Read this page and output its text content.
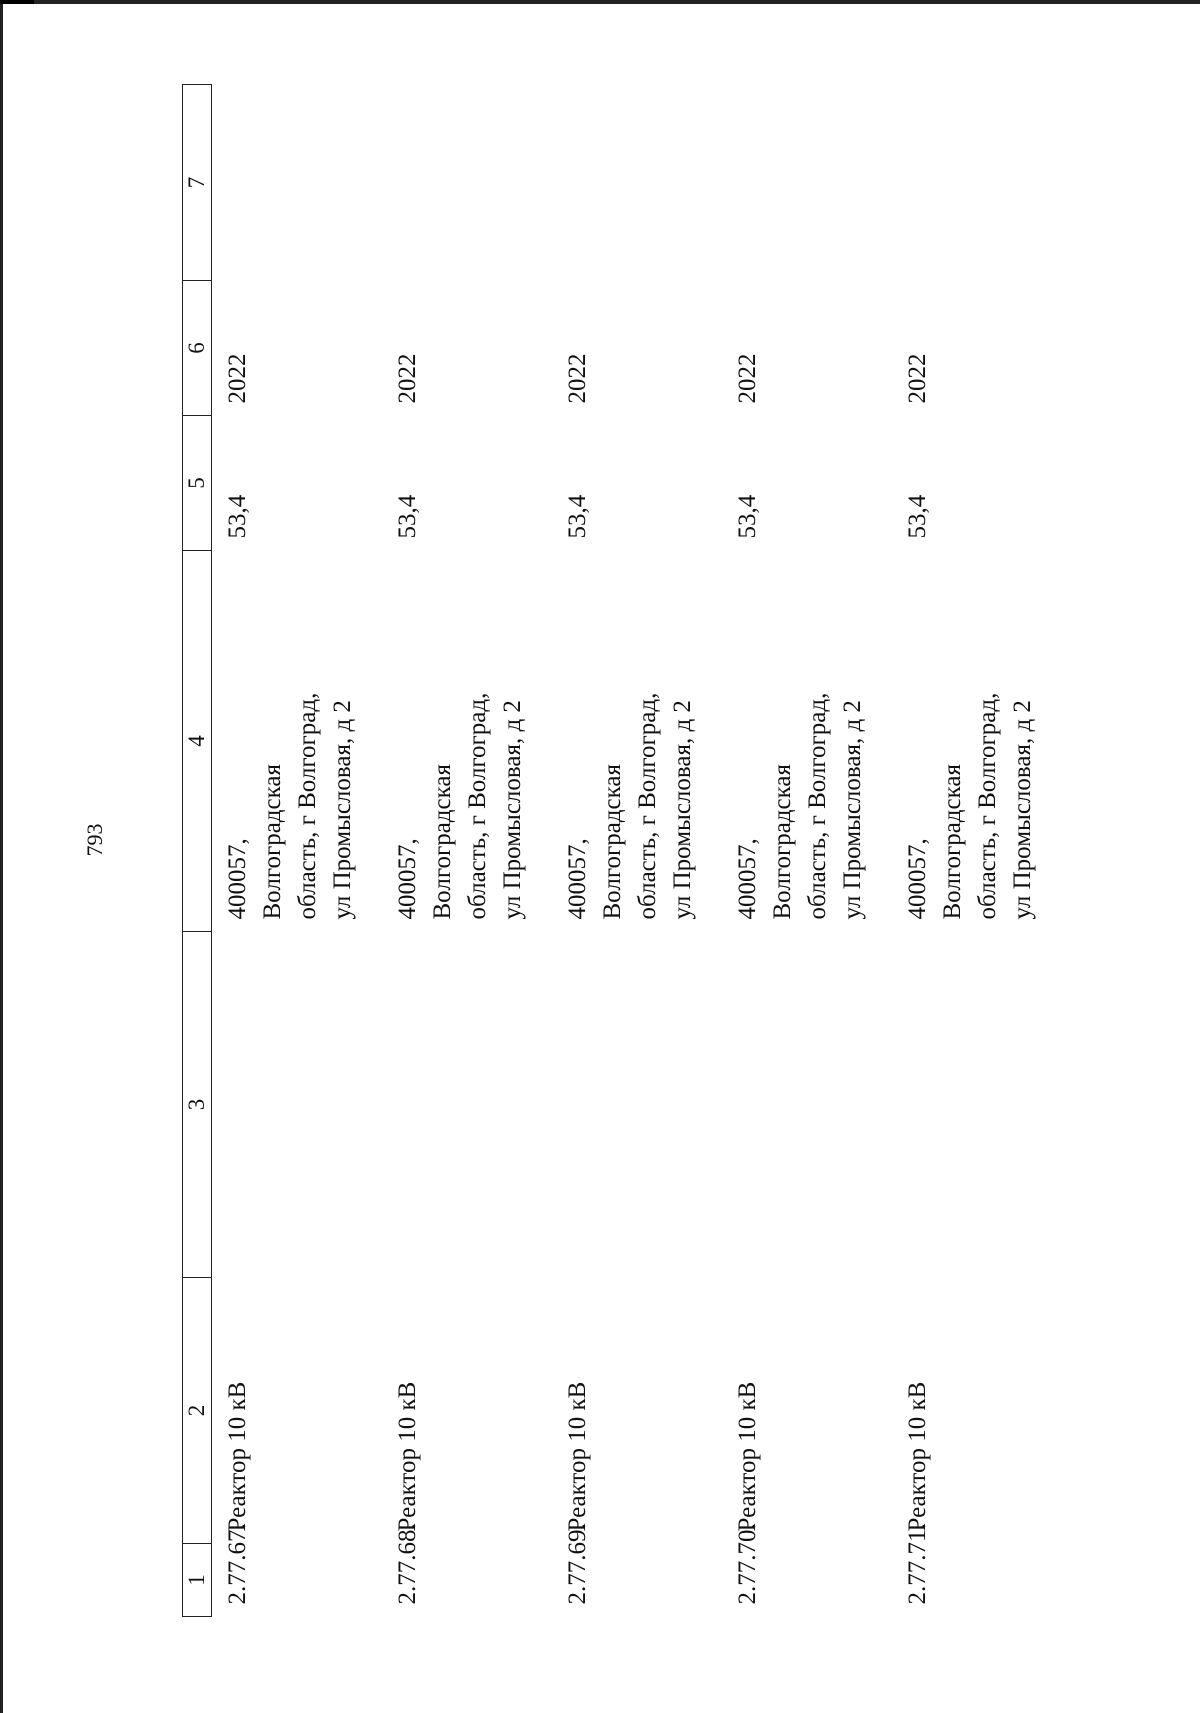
793
1	2	3	4	5	6	7
2.77.67.	Реактор 10 кВ		400057,
Волгоградская
область, г Волгоград,
ул Промысловая, д 2	53,4	2022	
2.77.68.	Реактор 10 кВ		400057,
Волгоградская
область, г Волгоград,
ул Промысловая, д 2	53,4	2022	
2.77.69.	Реактор 10 кВ		400057,
Волгоградская
область, г Волгоград,
ул Промысловая, д 2	53,4	2022	
2.77.70.	Реактор 10 кВ		400057,
Волгоградская
область, г Волгоград,
ул Промысловая, д 2	53,4	2022	
2.77.71.	Реактор 10 кВ		400057,
Волгоградская
область, г Волгоград,
ул Промысловая, д 2	53,4	2022	
